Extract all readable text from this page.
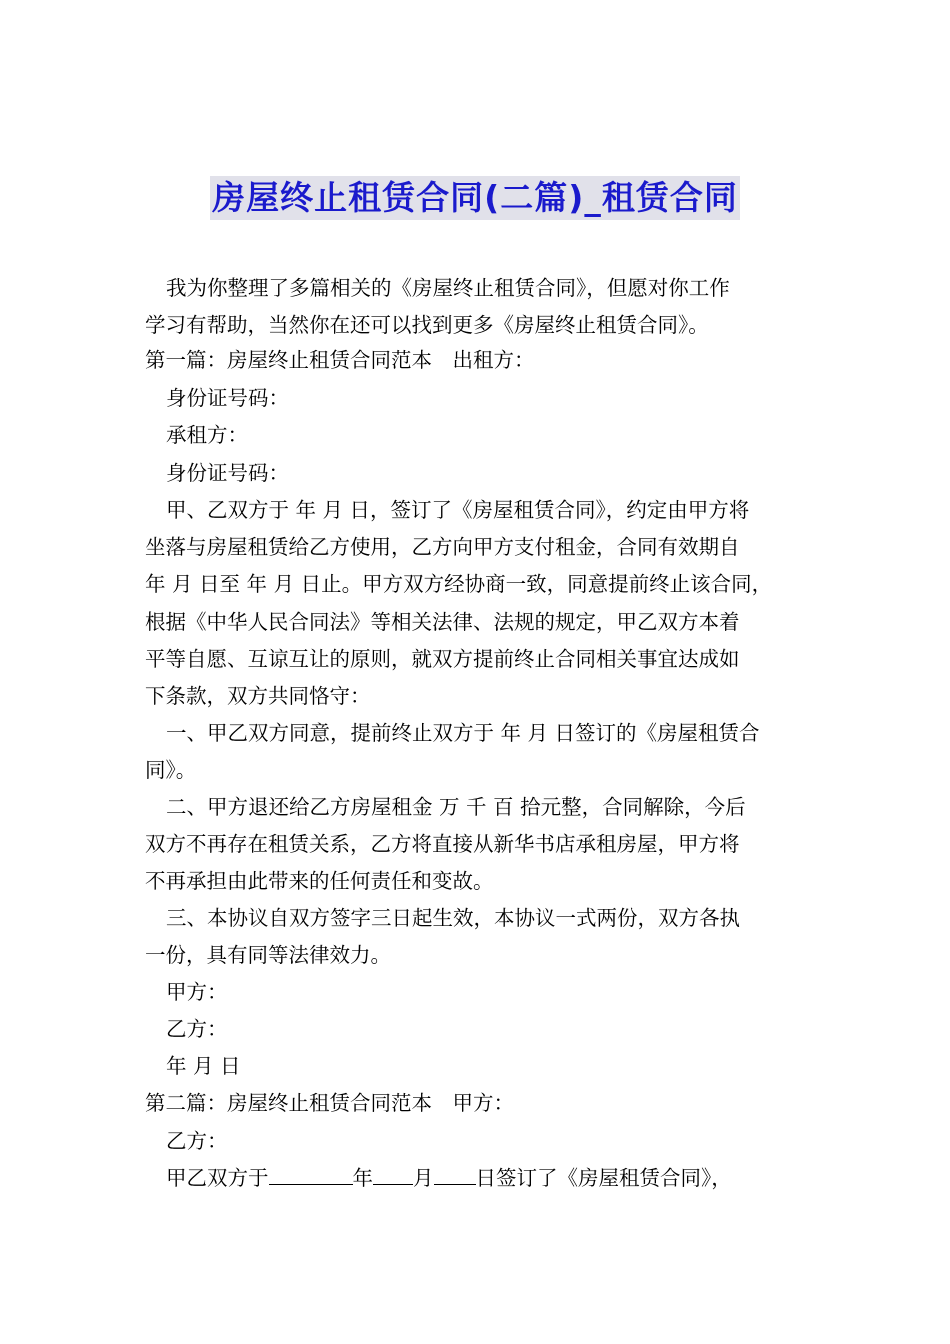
房屋终止租赁合同(二篇)_租赁合同

我为你整理了多篇相关的《房屋终止租赁合同》，但愿对你工作

学习有帮助，当然你在还可以找到更多《房屋终止租赁合同》。

第一篇：房屋终止租赁合同范本　出租方：

身份证号码：

承租方：

身份证号码：

甲、乙双方于 年 月 日，签订了《房屋租赁合同》，约定由甲方将

坐落与房屋租赁给乙方使用，乙方向甲方支付租金，合同有效期自

年 月 日至 年 月 日止。甲方双方经协商一致，同意提前终止该合同，

根据《中华人民合同法》等相关法律、法规的规定，甲乙双方本着

平等自愿、互谅互让的原则，就双方提前终止合同相关事宜达成如

下条款，双方共同恪守：

一、甲乙双方同意，提前终止双方于 年 月 日签订的《房屋租赁合

同》。

二、甲方退还给乙方房屋租金 万 千 百 拾元整，合同解除，今后

双方不再存在租赁关系，乙方将直接从新华书店承租房屋，甲方将

不再承担由此带来的任何责任和变故。

三、本协议自双方签字三日起生效，本协议一式两份，双方各执

一份，具有同等法律效力。

甲方：

乙方：

年 月 日

第二篇：房屋终止租赁合同范本　甲方：

乙方：

甲乙双方于	年 月 日签订了《房屋租赁合同》，
